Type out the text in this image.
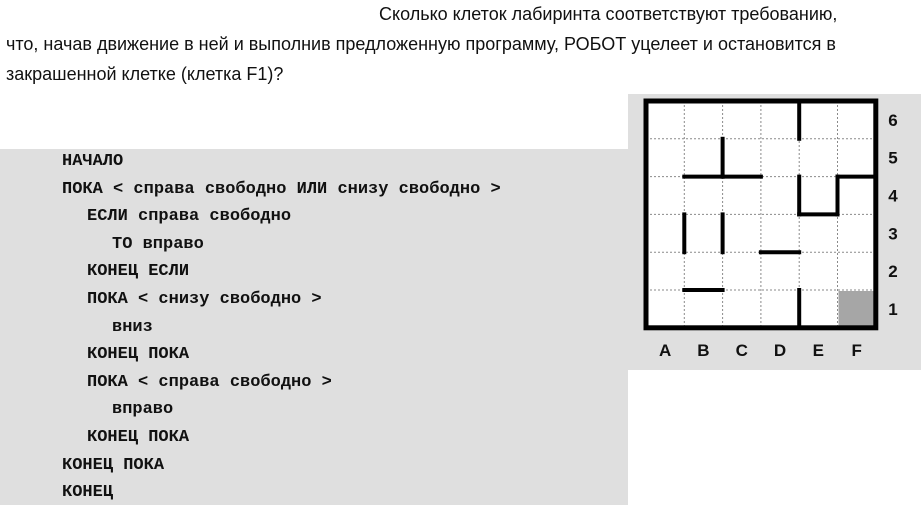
Сколько клеток лабиринта соответствуют требованию,

что, начав движение в ней и выполнив предложенную программу, РОБОТ уцелеет и остановится в

закрашенной клетке (клетка F1)?

НАЧАЛО
ПОКА < справа свободно ИЛИ снизу свободно >
ЕСЛИ справа свободно
ТО вправо
КОНЕЦ ЕСЛИ
ПОКА < снизу свободно >
вниз
КОНЕЦ ПОКА
ПОКА < справа свободно >
вправо
КОНЕЦ ПОКА
КОНЕЦ ПОКА
КОНЕЦ
A B C D E F
6
5
4
3
2
1
